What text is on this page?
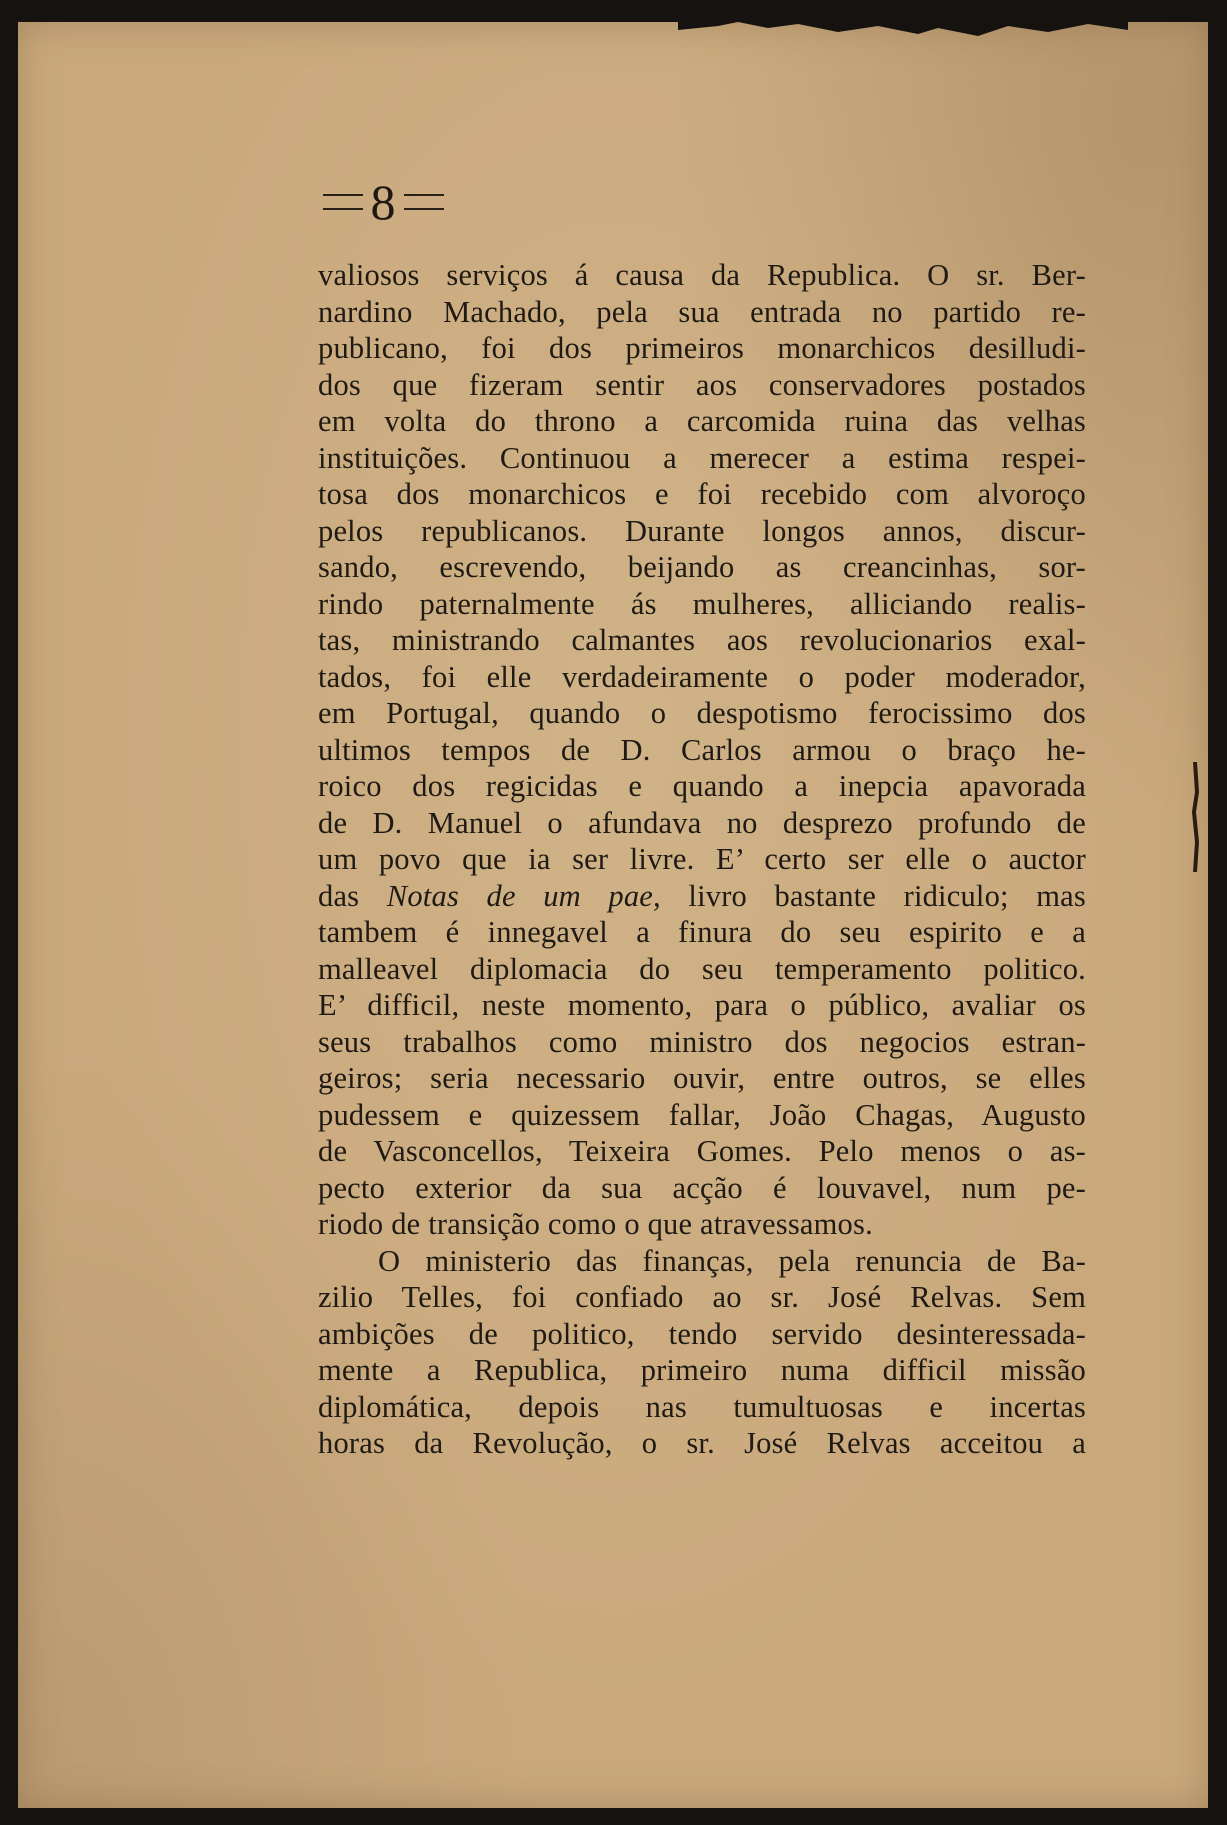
8
valiosos serviços á causa da Republica. O sr. Ber-
nardino Machado, pela sua entrada no partido re-
publicano, foi dos primeiros monarchicos desilludi-
dos que fizeram sentir aos conservadores postados
em volta do throno a carcomida ruina das velhas
instituições. Continuou a merecer a estima respei-
tosa dos monarchicos e foi recebido com alvoroço
pelos republicanos. Durante longos annos, discur-
sando, escrevendo, beijando as creancinhas, sor-
rindo paternalmente ás mulheres, alliciando realis-
tas, ministrando calmantes aos revolucionarios exal-
tados, foi elle verdadeiramente o poder moderador,
em Portugal, quando o despotismo ferocissimo dos
ultimos tempos de D. Carlos armou o braço he-
roico dos regicidas e quando a inepcia apavorada
de D. Manuel o afundava no desprezo profundo de
um povo que ia ser livre. E’ certo ser elle o auctor
das Notas de um pae, livro bastante ridiculo; mas
tambem é innegavel a finura do seu espirito e a
malleavel diplomacia do seu temperamento politico.
E’ difficil, neste momento, para o público, avaliar os
seus trabalhos como ministro dos negocios estran-
geiros; seria necessario ouvir, entre outros, se elles
pudessem e quizessem fallar, João Chagas, Augusto
de Vasconcellos, Teixeira Gomes. Pelo menos o as-
pecto exterior da sua acção é louvavel, num pe-
riodo de transição como o que atravessamos.
O ministerio das finanças, pela renuncia de Ba-
zilio Telles, foi confiado ao sr. José Relvas. Sem
ambições de politico, tendo servido desinteressada-
mente a Republica, primeiro numa difficil missão
diplomática, depois nas tumultuosas e incertas
horas da Revolução, o sr. José Relvas acceitou a
